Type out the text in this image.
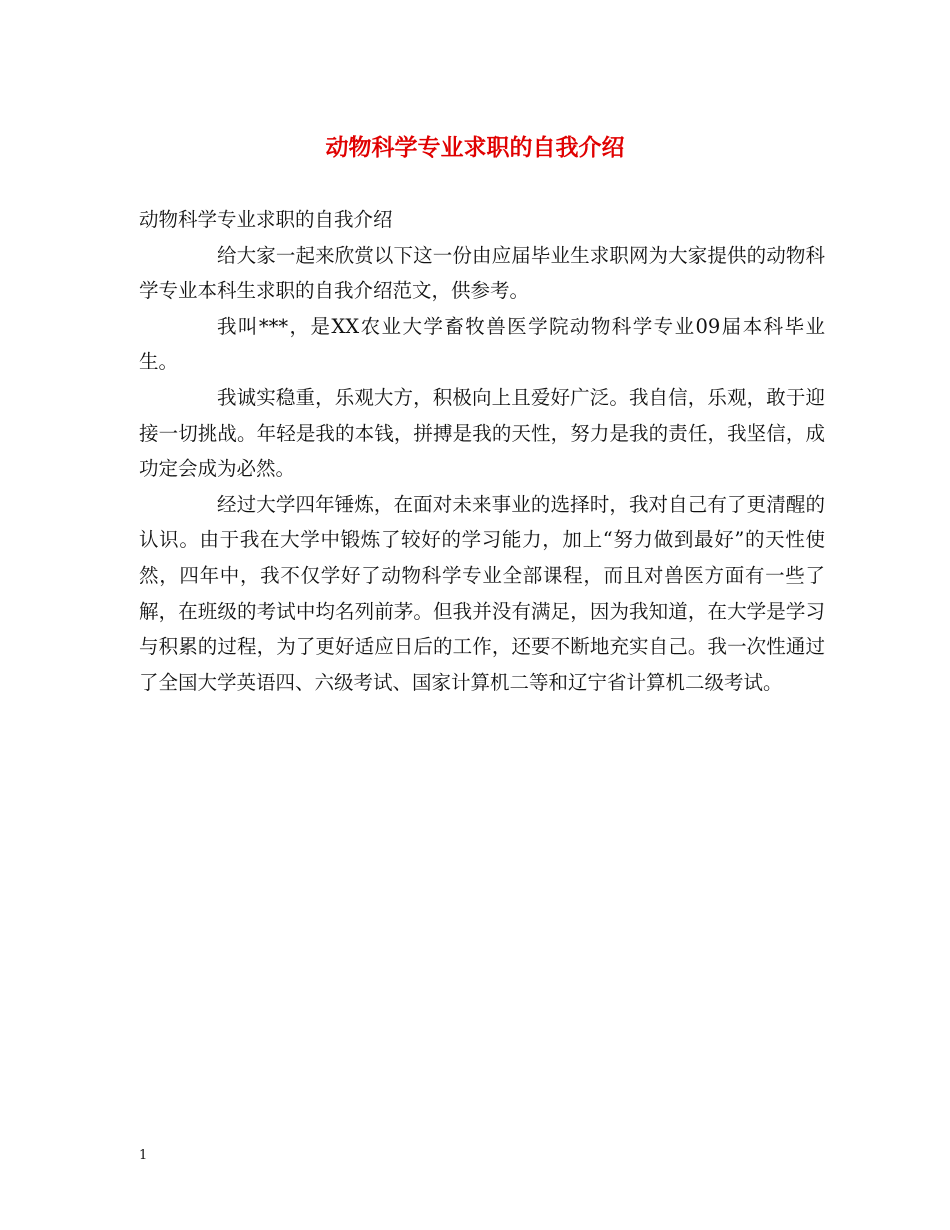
动物科学专业求职的自我介绍

动物科学专业求职的自我介绍

给大家一起来欣赏以下这一份由应届毕业生求职网为大家提供的动物科学专业本科生求职的自我介绍范文，供参考。

我叫***，是XX农业大学畜牧兽医学院动物科学专业09届本科毕业生。

我诚实稳重，乐观大方，积极向上且爱好广泛。我自信，乐观，敢于迎接一切挑战。年轻是我的本钱，拼搏是我的天性，努力是我的责任，我坚信，成功定会成为必然。

经过大学四年锤炼，在面对未来事业的选择时，我对自己有了更清醒的认识。由于我在大学中锻炼了较好的学习能力，加上“努力做到最好”的天性使然，四年中，我不仅学好了动物科学专业全部课程，而且对兽医方面有一些了解，在班级的考试中均名列前茅。但我并没有满足，因为我知道，在大学是学习与积累的过程，为了更好适应日后的工作，还要不断地充实自己。我一次性通过了全国大学英语四、六级考试、国家计算机二等和辽宁省计算机二级考试。

1
